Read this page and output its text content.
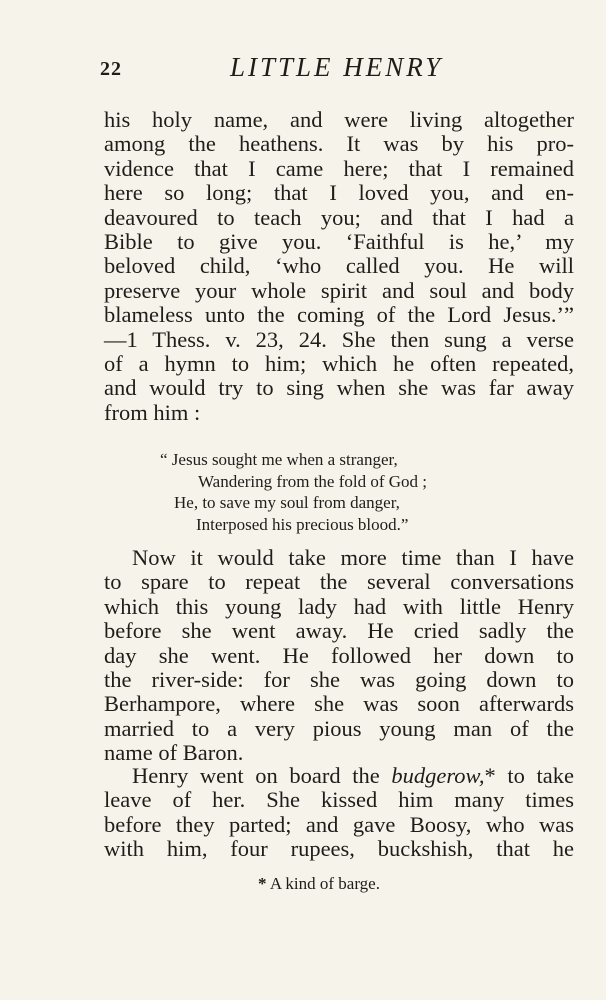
22	LITTLE HENRY
his holy name, and were living altogether
among the heathens. It was by his pro-
vidence that I came here; that I remained
here so long; that I loved you, and en-
deavoured to teach you; and that I had a
Bible to give you. ‘Faithful is he,’ my
beloved child, ‘who called you. He will
preserve your whole spirit and soul and body
blameless unto the coming of the Lord Jesus.’”
—1 Thess. v. 23, 24. She then sung a verse
of a hymn to him; which he often repeated,
and would try to sing when she was far away
from him :
“ Jesus sought me when a stranger,
Wandering from the fold of God ;
He, to save my soul from danger,
Interposed his precious blood.”
Now it would take more time than I have
to spare to repeat the several conversations
which this young lady had with little Henry
before she went away. He cried sadly the
day she went. He followed her down to
the river-side: for she was going down to
Berhampore, where she was soon afterwards
married to a very pious young man of the
name of Baron.
Henry went on board the budgerow,* to take
leave of her. She kissed him many times
before they parted; and gave Boosy, who was
with him, four rupees, buckshish, that he
* A kind of barge.
